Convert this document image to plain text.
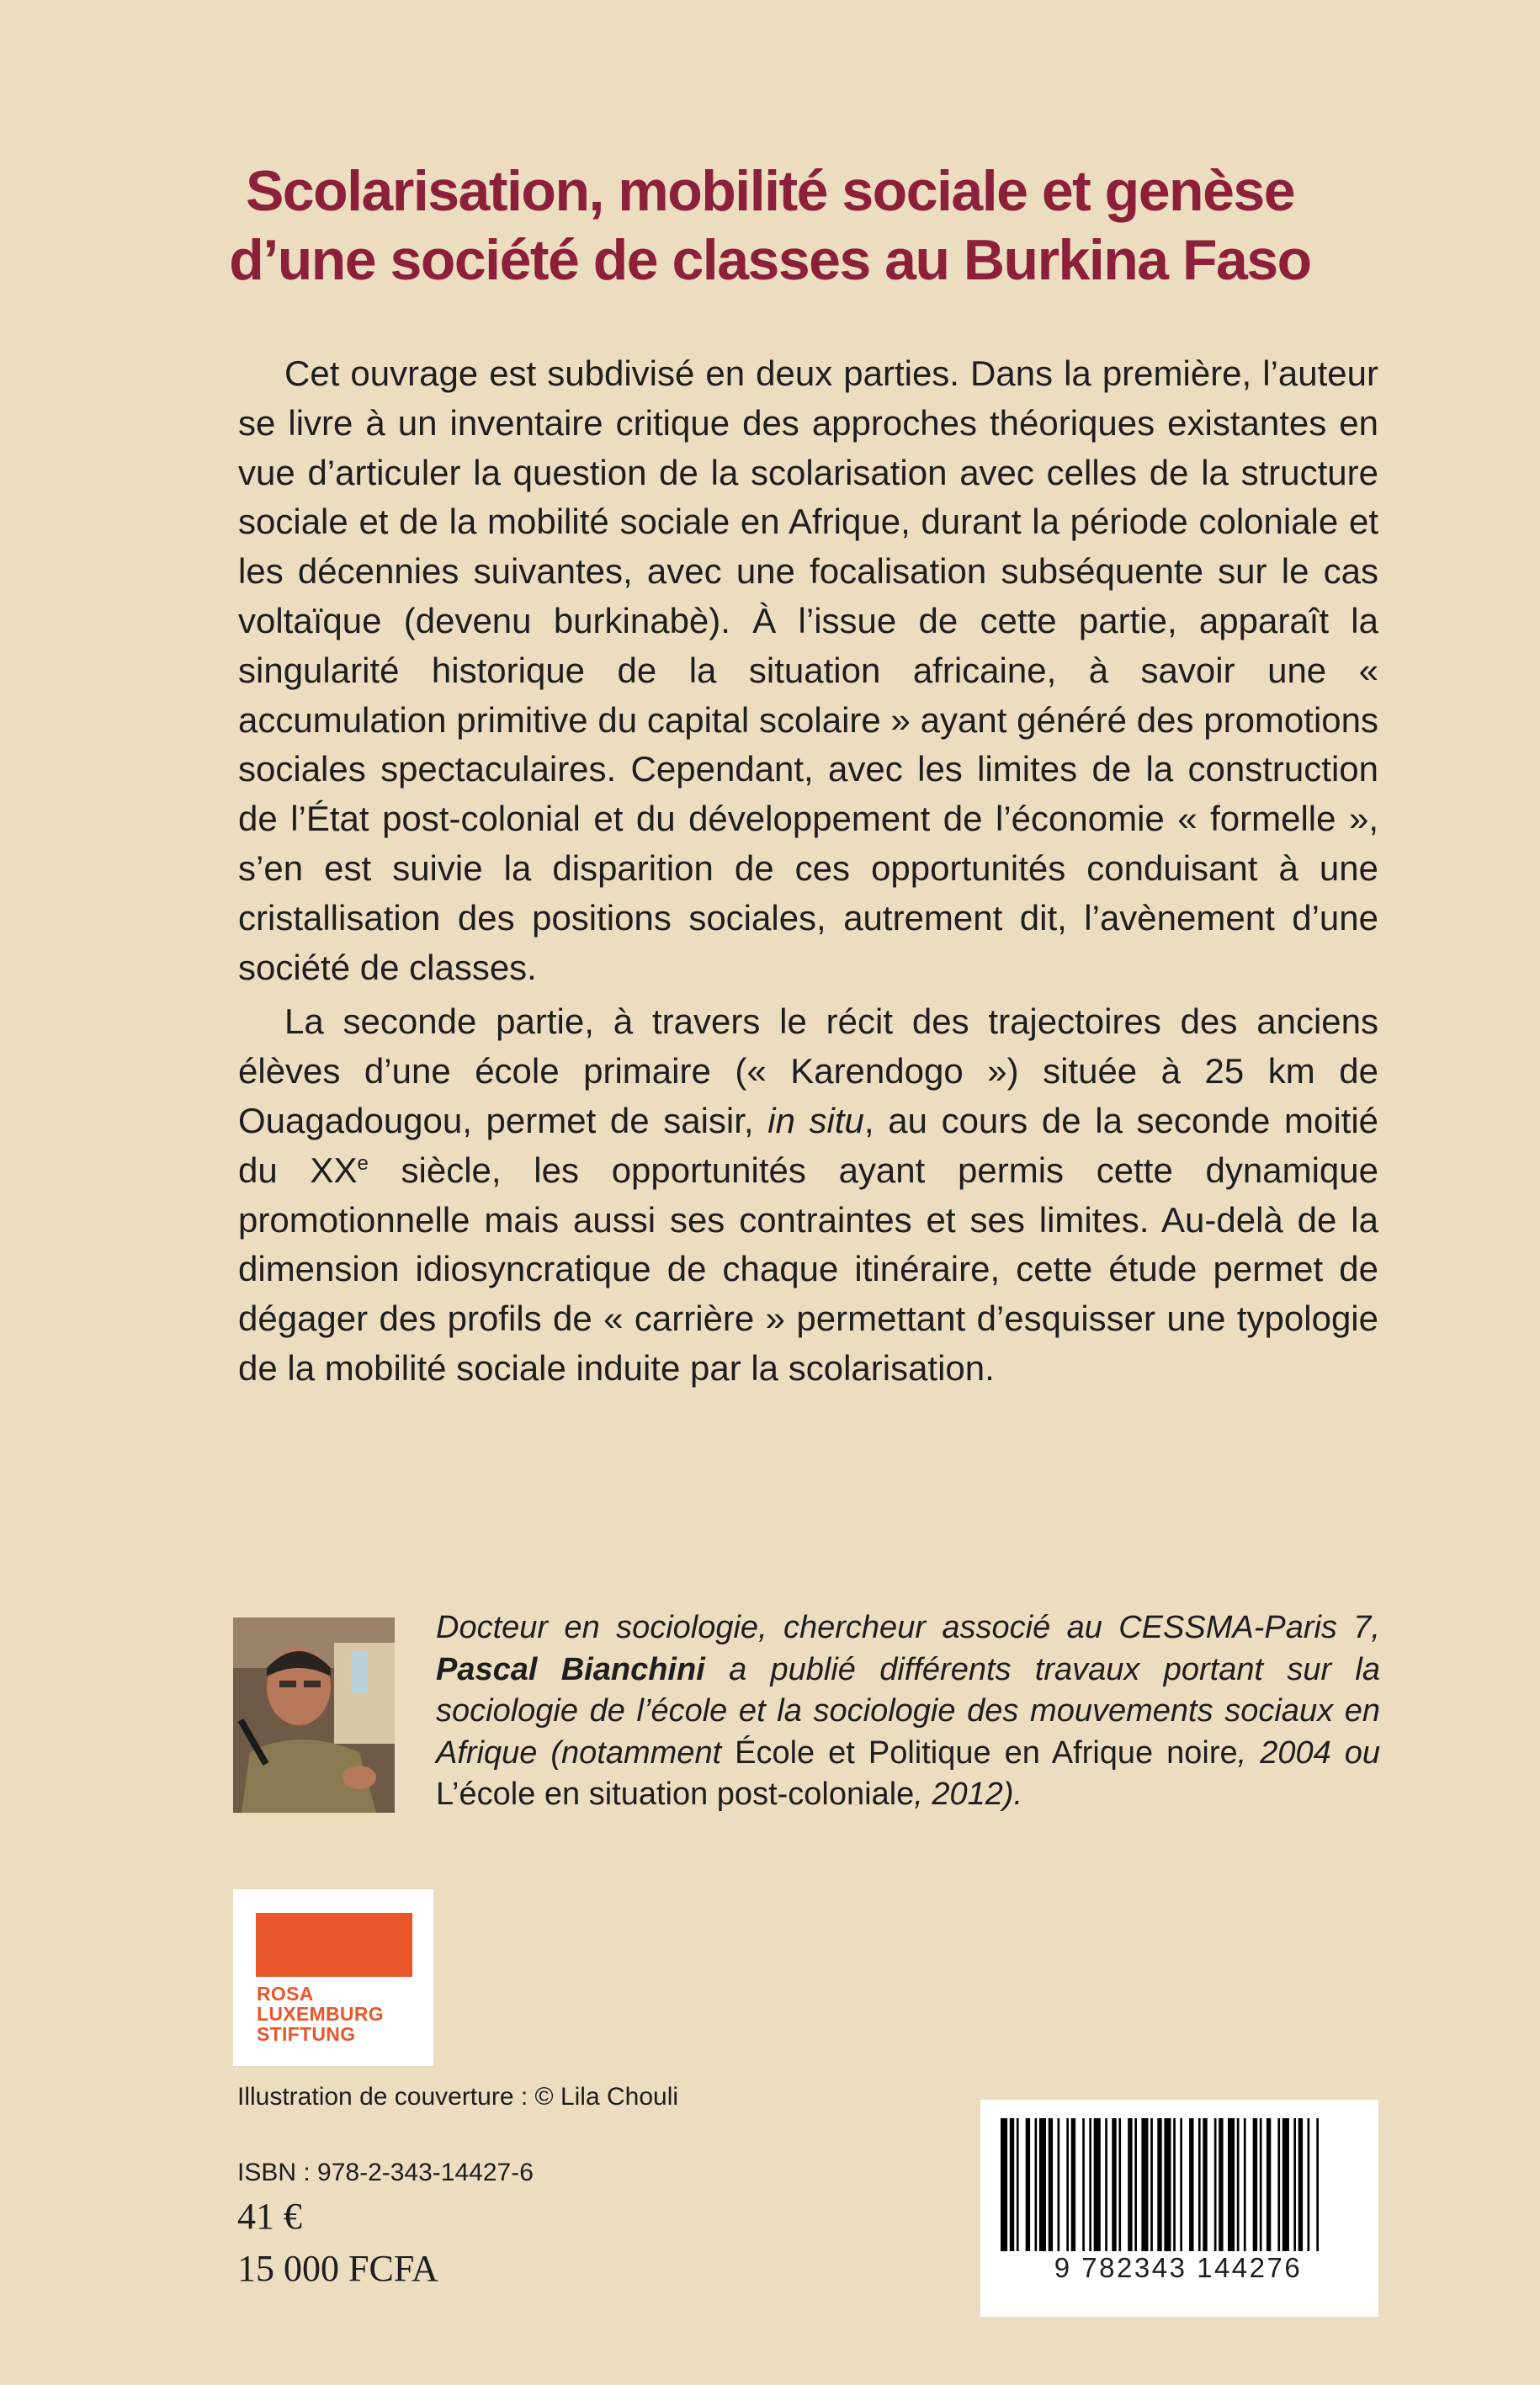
Scolarisation, mobilité sociale et genèse
d’une société de classes au Burkina Faso

Cet ouvrage est subdivisé en deux parties. Dans la première, l’auteur se livre à un inventaire critique des approches théoriques existantes en vue d’articuler la question de la scolarisation avec celles de la structure sociale et de la mobilité sociale en Afrique, durant la période coloniale et les décennies suivantes, avec une focalisation subséquente sur le cas voltaïque (devenu burkinabè). À l’issue de cette partie, apparaît la singularité historique de la situation africaine, à savoir une « accumulation primitive du capital scolaire » ayant généré des promotions sociales spectaculaires. Cependant, avec les limites de la construction de l’État post-colonial et du développement de l’économie « formelle », s’en est suivie la disparition de ces opportunités conduisant à une cristallisation des positions sociales, autrement dit, l’avènement d’une société de classes.

La seconde partie, à travers le récit des trajectoires des anciens élèves d’une école primaire (« Karendogo ») située à 25 km de Ouagadougou, permet de saisir, in situ, au cours de la seconde moitié du XXe siècle, les opportunités ayant permis cette dynamique promotionnelle mais aussi ses contraintes et ses limites. Au-delà de la dimension idiosyncratique de chaque itinéraire, cette étude permet de dégager des profils de « carrière » permettant d’esquisser une typologie de la mobilité sociale induite par la scolarisation.

Docteur en sociologie, chercheur associé au CESSMA-Paris 7, Pascal Bianchini a publié différents travaux portant sur la sociologie de l’école et la sociologie des mouvements sociaux en Afrique (notamment École et Politique en Afrique noire, 2004 ou L’école en situation post-coloniale, 2012).
ROSA
LUXEMBURG
STIFTUNG
Illustration de couverture : © Lila Chouli
ISBN : 978-2-343-14427-6
41 €
15 000 FCFA	9 782343 144276
